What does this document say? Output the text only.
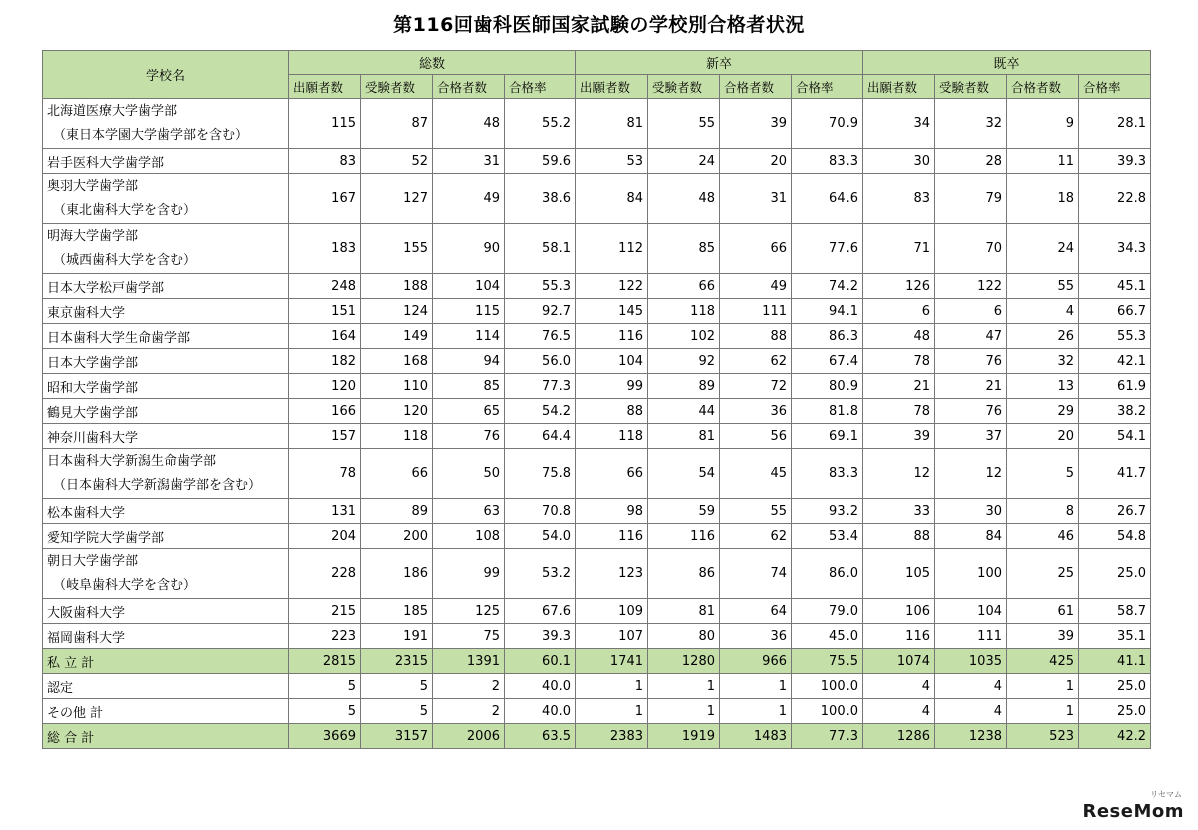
第116回歯科医師国家試験の学校別合格者状況
学校名	総数				新卒				既卒			
	出願者数	受験者数	合格者数	合格率	出願者数	受験者数	合格者数	合格率	出願者数	受験者数	合格者数	合格率

北海道医療大学歯学部
（東日本学園大学歯学部を含む）	115	87	48	55.2	81	55	39	70.9	34	32	9	28.1

岩手医科大学歯学部	83	52	31	59.6	53	24	20	83.3	30	28	11	39.3

奥羽大学歯学部
（東北歯科大学を含む）	167	127	49	38.6	84	48	31	64.6	83	79	18	22.8

明海大学歯学部
（城西歯科大学を含む）	183	155	90	58.1	112	85	66	77.6	71	70	24	34.3

日本大学松戸歯学部	248	188	104	55.3	122	66	49	74.2	126	122	55	45.1

東京歯科大学	151	124	115	92.7	145	118	111	94.1	6	6	4	66.7

日本歯科大学生命歯学部	164	149	114	76.5	116	102	88	86.3	48	47	26	55.3

日本大学歯学部	182	168	94	56.0	104	92	62	67.4	78	76	32	42.1

昭和大学歯学部	120	110	85	77.3	99	89	72	80.9	21	21	13	61.9

鶴見大学歯学部	166	120	65	54.2	88	44	36	81.8	78	76	29	38.2

神奈川歯科大学	157	118	76	64.4	118	81	56	69.1	39	37	20	54.1

日本歯科大学新潟生命歯学部
（日本歯科大学新潟歯学部を含む）	78	66	50	75.8	66	54	45	83.3	12	12	5	41.7

松本歯科大学	131	89	63	70.8	98	59	55	93.2	33	30	8	26.7

愛知学院大学歯学部	204	200	108	54.0	116	116	62	53.4	88	84	46	54.8

朝日大学歯学部
（岐阜歯科大学を含む）	228	186	99	53.2	123	86	74	86.0	105	100	25	25.0

大阪歯科大学	215	185	125	67.6	109	81	64	79.0	106	104	61	58.7

福岡歯科大学	223	191	75	39.3	107	80	36	45.0	116	111	39	35.1

私 立 計	2815	2315	1391	60.1	1741	1280	966	75.5	1074	1035	425	41.1

認定	5	5	2	40.0	1	1	1	100.0	4	4	1	25.0

その他 計	5	5	2	40.0	1	1	1	100.0	4	4	1	25.0

総 合 計	3669	3157	2006	63.5	2383	1919	1483	77.3	1286	1238	523	42.2
リセマム
ReseMom
